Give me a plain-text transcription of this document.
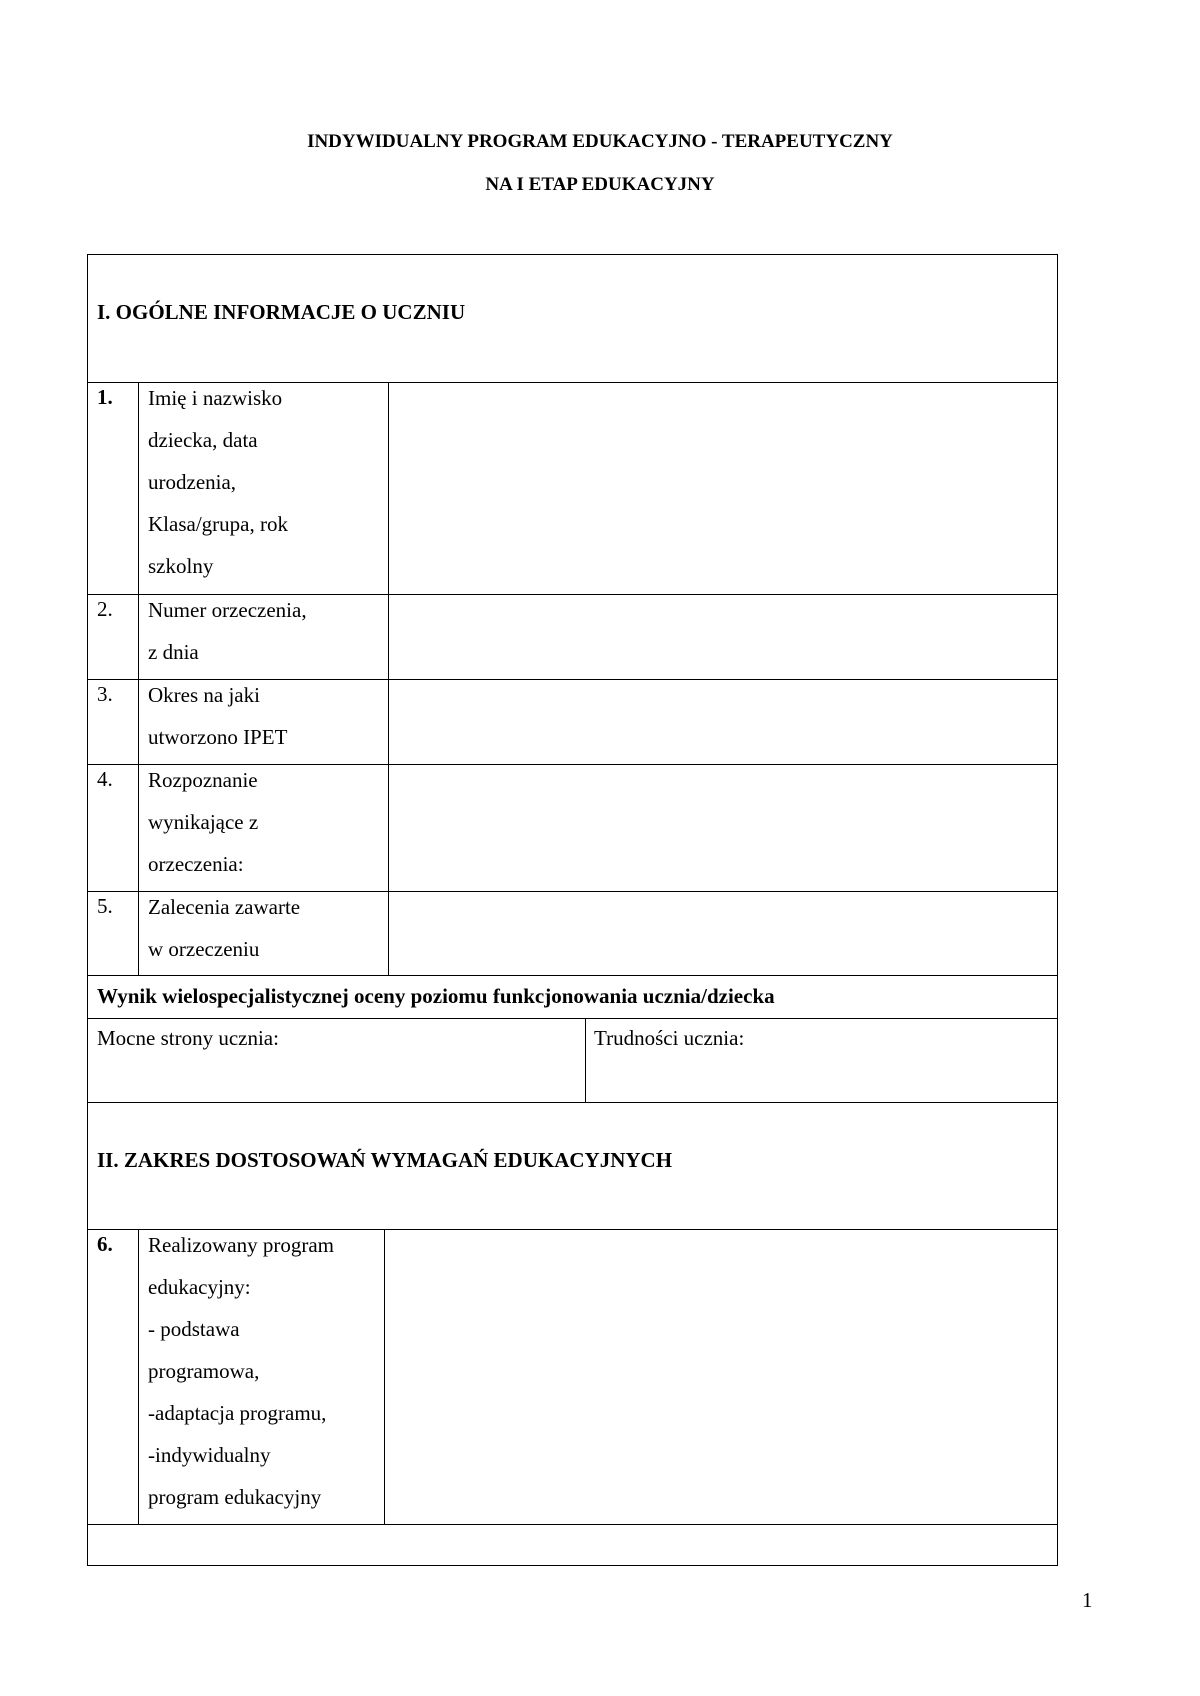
INDYWIDUALNY PROGRAM EDUKACYJNO - TERAPEUTYCZNY
NA I ETAP EDUKACYJNY
I. OGÓLNE INFORMACJE O UCZNIU
1. Imię i nazwisko
dziecka, data
urodzenia,
Klasa/grupa, rok
szkolny
2. Numer orzeczenia,
z dnia
3. Okres na jaki
utworzono IPET
4. Rozpoznanie
wynikające z
orzeczenia:
5. Zalecenia zawarte
w orzeczeniu
Wynik wielospecjalistycznej oceny poziomu funkcjonowania ucznia/dziecka
Mocne strony ucznia:	Trudności ucznia:
II. ZAKRES DOSTOSOWAŃ WYMAGAŃ EDUKACYJNYCH
6. Realizowany program
edukacyjny:
- podstawa
programowa,
-adaptacja programu,
-indywidualny
program edukacyjny
1
